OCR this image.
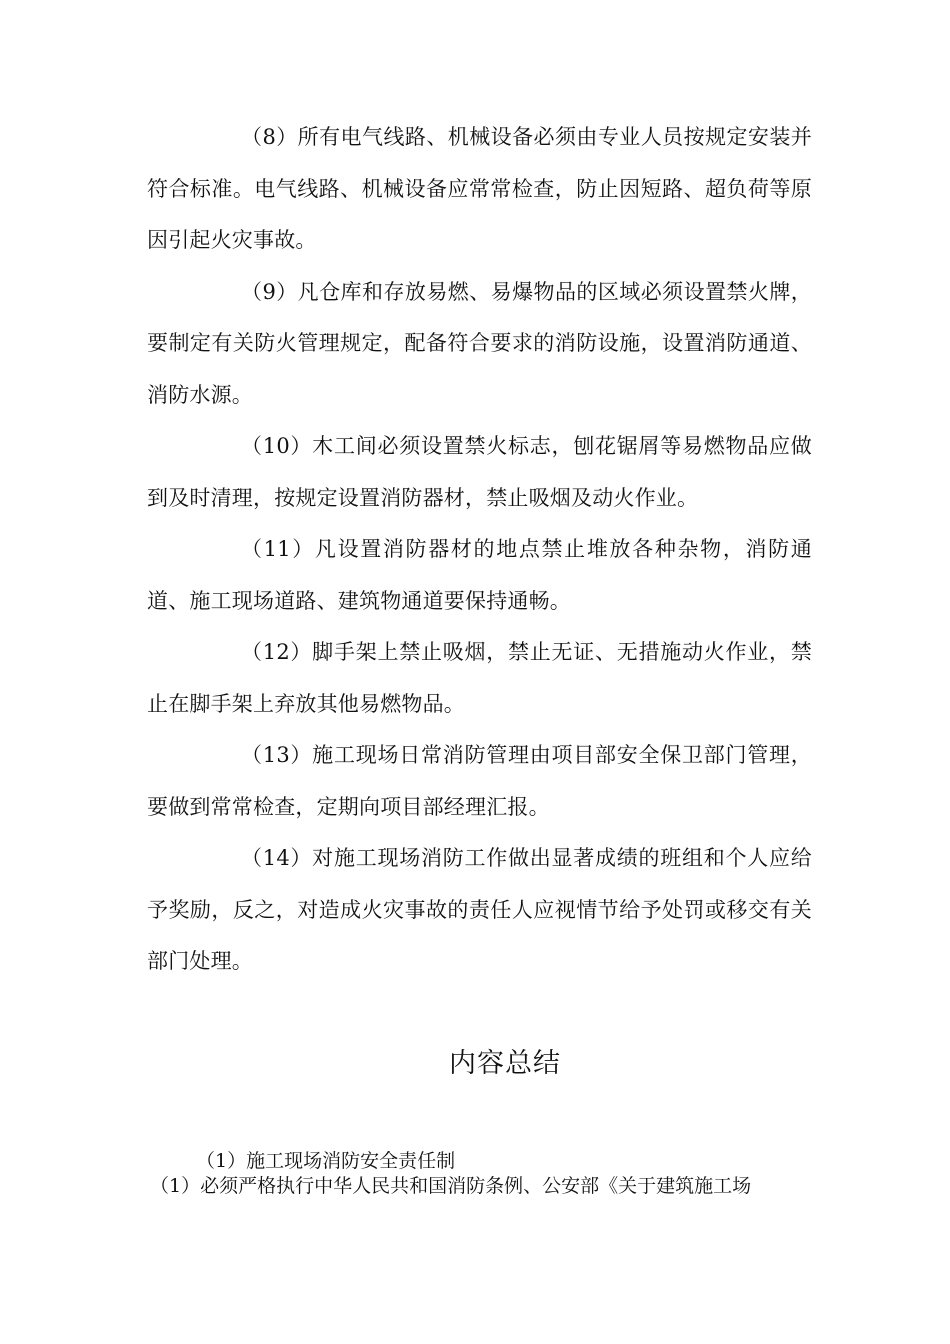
（8）所有电气线路、机械设备必须由专业人员按规定安装并符合标准。电气线路、机械设备应常常检查，防止因短路、超负荷等原因引起火灾事故。

（9）凡仓库和存放易燃、易爆物品的区域必须设置禁火牌，要制定有关防火管理规定，配备符合要求的消防设施，设置消防通道、消防水源。

（10）木工间必须设置禁火标志，刨花锯屑等易燃物品应做到及时清理，按规定设置消防器材，禁止吸烟及动火作业。

（11）凡设置消防器材的地点禁止堆放各种杂物，消防通道、施工现场道路、建筑物通道要保持通畅。

（12）脚手架上禁止吸烟，禁止无证、无措施动火作业，禁止在脚手架上弃放其他易燃物品。

（13）施工现场日常消防管理由项目部安全保卫部门管理，要做到常常检查，定期向项目部经理汇报。

（14）对施工现场消防工作做出显著成绩的班组和个人应给予奖励，反之，对造成火灾事故的责任人应视情节给予处罚或移交有关部门处理。

内容总结
（1）施工现场消防安全责任制
（1）必须严格执行中华人民共和国消防条例、公安部《关于建筑施工场
